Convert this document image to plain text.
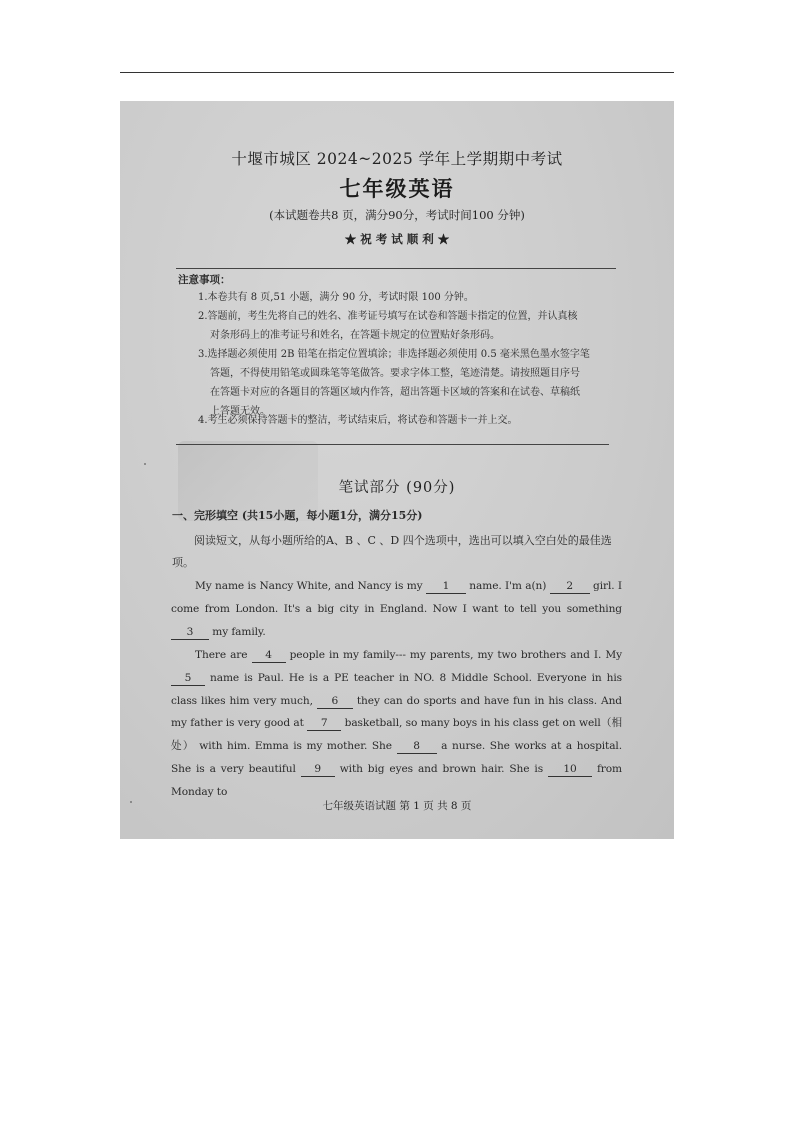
十堰市城区 2024~2025 学年上学期期中考试
七年级英语
(本试题卷共8 页，满分90分，考试时间100 分钟)
★ 祝 考 试 顺 利 ★
注意事项：
1.本卷共有 8 页,51 小题，满分 90 分，考试时限 100 分钟。
2.答题前，考生先将自己的姓名、准考证号填写在试卷和答题卡指定的位置，并认真核
对条形码上的准考证号和姓名，在答题卡规定的位置贴好条形码。
3.选择题必须使用 2B 铅笔在指定位置填涂；非选择题必须使用 0.5 毫米黑色墨水签字笔
答题，不得使用铅笔或圆珠笔等笔做答。要求字体工整，笔迹清楚。请按照题目序号
在答题卡对应的各题目的答题区域内作答，超出答题卡区域的答案和在试卷、草稿纸
上答题无效。
4.考生必须保持答题卡的整洁，考试结束后，将试卷和答题卡一并上交。
笔试部分 (90分)
一、完形填空 (共15小题，每小题1分，满分15分)
阅读短文，从每小题所给的A、B 、C 、D 四个选项中，选出可以填入空白处的最佳选项。
My name is Nancy White, and Nancy is my 1 name. I'm a(n) 2 girl. I come from London. It's a big city in England. Now I want to tell you something 3 my family.
There are 4 people in my family--- my parents, my two brothers and I. My 5 name is Paul. He is a PE teacher in NO. 8 Middle School. Everyone in his class likes him very much, 6 they can do sports and have fun in his class. And my father is very good at 7 basketball, so many boys in his class get on well（相处） with him. Emma is my mother. She 8 a nurse. She works at a hospital. She is a very beautiful 9 with big eyes and brown hair. She is 10 from Monday to
七年级英语试题 第 1 页 共 8 页
